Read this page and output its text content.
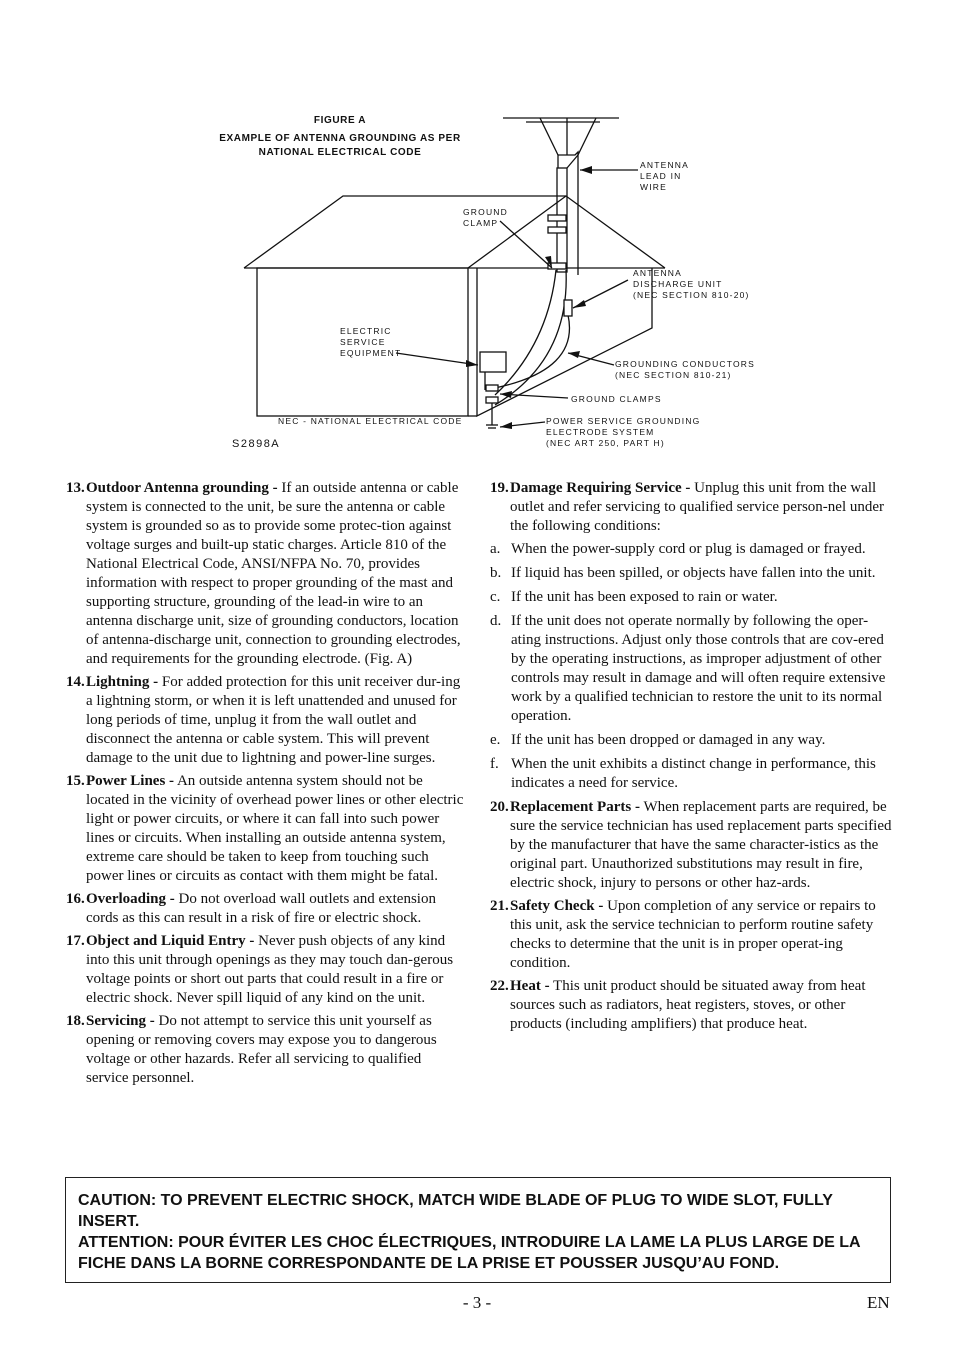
FIGURE A
EXAMPLE OF ANTENNA GROUNDING AS PER
NATIONAL ELECTRICAL CODE
ANTENNA
LEAD IN
WIRE
GROUND
CLAMP
ANTENNA
DISCHARGE UNIT
(NEC SECTION 810-20)
ELECTRIC
SERVICE
EQUIPMENT
GROUNDING CONDUCTORS
(NEC SECTION 810-21)
GROUND CLAMPS
NEC - NATIONAL ELECTRICAL CODE	POWER SERVICE GROUNDING
ELECTRODE SYSTEM
(NEC ART 250, PART H)
S2898A
13. Outdoor Antenna grounding - If an outside antenna or cable system is connected to the unit, be sure the antenna or cable system is grounded so as to provide some protec-tion against voltage surges and built-up static charges. Article 810 of the National Electrical Code, ANSI/NFPA No. 70, provides information with respect to proper grounding of the mast and supporting structure, grounding of the lead-in wire to an antenna discharge unit, size of grounding conductors, location of antenna-discharge unit, connection to grounding electrodes, and requirements for the grounding electrode. (Fig. A)
14. Lightning - For added protection for this unit receiver dur-ing a lightning storm, or when it is left unattended and unused for long periods of time, unplug it from the wall outlet and disconnect the antenna or cable system. This will prevent damage to the unit due to lightning and power-line surges.
15. Power Lines - An outside antenna system should not be located in the vicinity of overhead power lines or other electric light or power circuits, or where it can fall into such power lines or circuits. When installing an outside antenna system, extreme care should be taken to keep from touching such power lines or circuits as contact with them might be fatal.
16. Overloading - Do not overload wall outlets and extension cords as this can result in a risk of fire or electric shock.
17. Object and Liquid Entry - Never push objects of any kind into this unit through openings as they may touch dan-gerous voltage points or short out parts that could result in a fire or electric shock. Never spill liquid of any kind on the unit.
18. Servicing - Do not attempt to service this unit yourself as opening or removing covers may expose you to dangerous voltage or other hazards. Refer all servicing to qualified service personnel.
19. Damage Requiring Service - Unplug this unit from the wall outlet and refer servicing to qualified service person-nel under the following conditions:
a. When the power-supply cord or plug is damaged or frayed.
b. If liquid has been spilled, or objects have fallen into the unit.
c. If the unit has been exposed to rain or water.
d. If the unit does not operate normally by following the oper-ating instructions. Adjust only those controls that are cov-ered by the operating instructions, as improper adjustment of other controls may result in damage and will often require extensive work by a qualified technician to restore the unit to its normal operation.
e. If the unit has been dropped or damaged in any way.
f. When the unit exhibits a distinct change in performance, this indicates a need for service.
20. Replacement Parts - When replacement parts are required, be sure the service technician has used replacement parts specified by the manufacturer that have the same character-istics as the original part. Unauthorized substitutions may result in fire, electric shock, injury to persons or other haz-ards.
21. Safety Check - Upon completion of any service or repairs to this unit, ask the service technician to perform routine safety checks to determine that the unit is in proper operat-ing condition.
22. Heat - This unit product should be situated away from heat sources such as radiators, heat registers, stoves, or other products (including amplifiers) that produce heat.

CAUTION: TO PREVENT ELECTRIC SHOCK, MATCH WIDE BLADE OF PLUG TO WIDE SLOT, FULLY INSERT.

ATTENTION: POUR ÉVITER LES CHOC ÉLECTRIQUES, INTRODUIRE LA LAME LA PLUS LARGE DE LA FICHE DANS LA BORNE CORRESPONDANTE DE LA PRISE ET POUSSER JUSQU’AU FOND.

- 3 -	EN
